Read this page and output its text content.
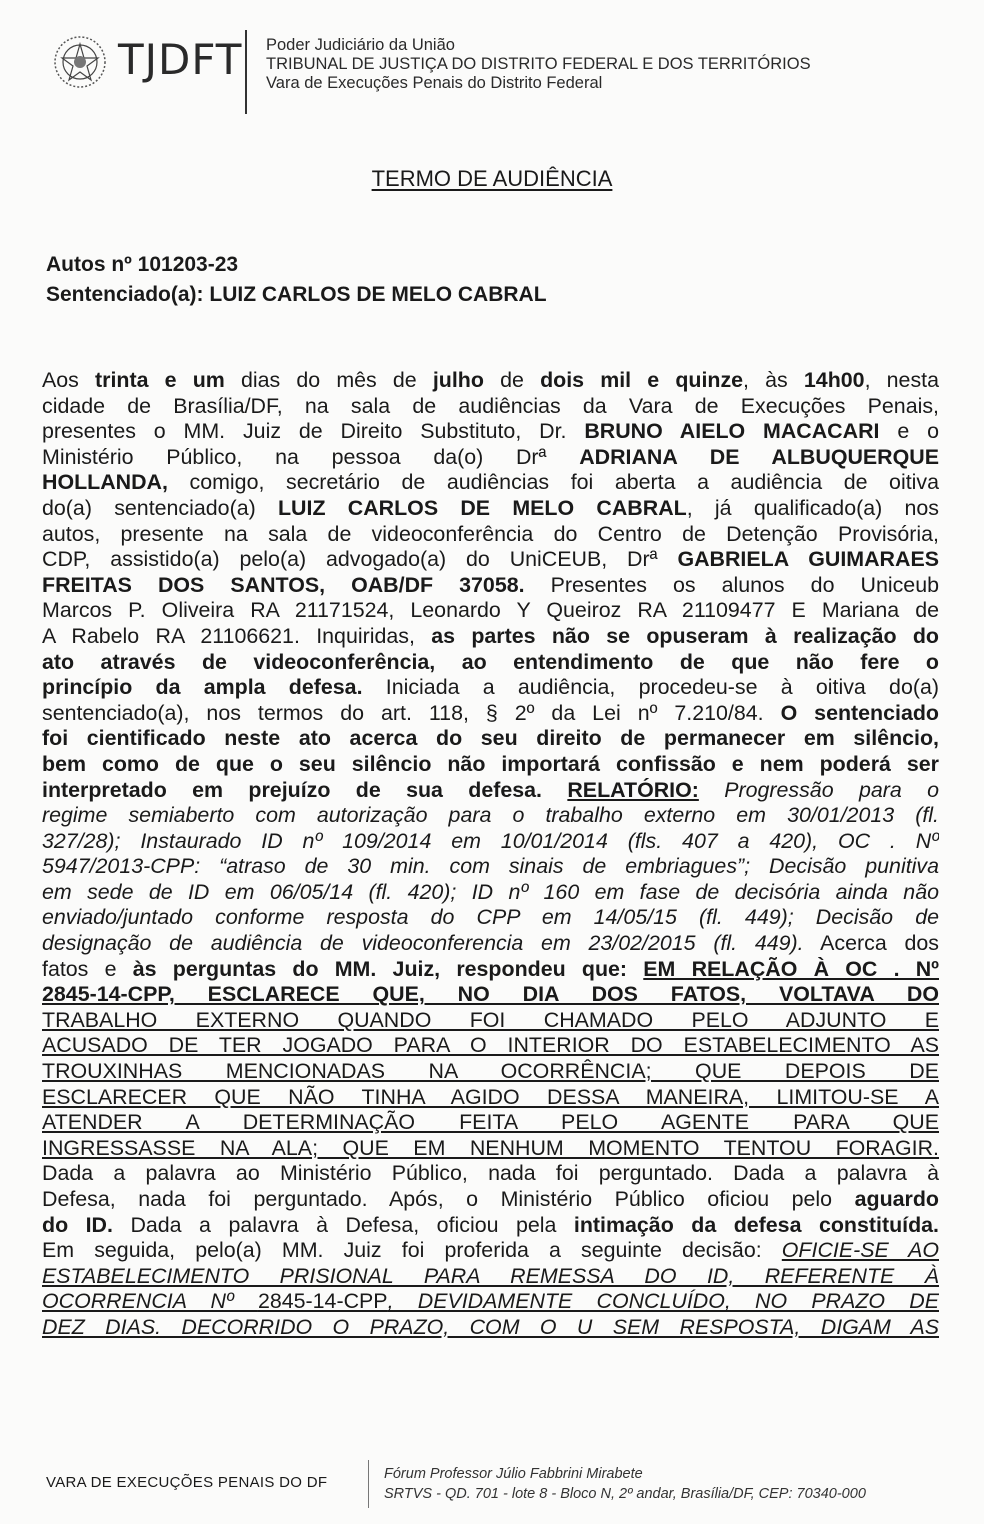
TJDFT Poder Judiciário da União
TRIBUNAL DE JUSTIÇA DO DISTRITO FEDERAL E DOS TERRITÓRIOS
Vara de Execuções Penais do Distrito Federal
TERMO DE AUDIÊNCIA
Autos nº 101203-23
Sentenciado(a): LUIZ CARLOS DE MELO CABRAL
Aos trinta e um dias do mês de julho de dois mil e quinze, às 14h00, nesta
cidade de Brasília/DF, na sala de audiências da Vara de Execuções Penais,
presentes o MM. Juiz de Direito Substituto, Dr. BRUNO AIELO MACACARI e o
Ministério Público, na pessoa da(o) Drª ADRIANA DE ALBUQUERQUE
HOLLANDA, comigo, secretário de audiências foi aberta a audiência de oitiva
do(a) sentenciado(a) LUIZ CARLOS DE MELO CABRAL, já qualificado(a) nos
autos, presente na sala de videoconferência do Centro de Detenção Provisória,
CDP, assistido(a) pelo(a) advogado(a) do UniCEUB, Drª GABRIELA GUIMARAES
FREITAS DOS SANTOS, OAB/DF 37058. Presentes os alunos do Uniceub
Marcos P. Oliveira RA 21171524, Leonardo Y Queiroz RA 21109477 E Mariana de
A Rabelo RA 21106621. Inquiridas, as partes não se opuseram à realização do
ato através de videoconferência, ao entendimento de que não fere o
princípio da ampla defesa. Iniciada a audiência, procedeu-se à oitiva do(a)
sentenciado(a), nos termos do art. 118, § 2º da Lei nº 7.210/84. O sentenciado
foi cientificado neste ato acerca do seu direito de permanecer em silêncio,
bem como de que o seu silêncio não importará confissão e nem poderá ser
interpretado em prejuízo de sua defesa. RELATÓRIO: Progressão para o
regime semiaberto com autorização para o trabalho externo em 30/01/2013 (fl.
327/28); Instaurado ID nº 109/2014 em 10/01/2014 (fls. 407 a 420), OC . Nº
5947/2013-CPP: “atraso de 30 min. com sinais de embriagues”; Decisão punitiva
em sede de ID em 06/05/14 (fl. 420); ID nº 160 em fase de decisória ainda não
enviado/juntado conforme resposta do CPP em 14/05/15 (fl. 449); Decisão de
designação de audiência de videoconferencia em 23/02/2015 (fl. 449). Acerca dos
fatos e às perguntas do MM. Juiz, respondeu que: EM RELAÇÃO À OC . Nº
2845-14-CPP, ESCLARECE QUE, NO DIA DOS FATOS, VOLTAVA DO
TRABALHO EXTERNO QUANDO FOI CHAMADO PELO ADJUNTO E
ACUSADO DE TER JOGADO PARA O INTERIOR DO ESTABELECIMENTO AS
TROUXINHAS MENCIONADAS NA OCORRÊNCIA; QUE DEPOIS DE
ESCLARECER QUE NÃO TINHA AGIDO DESSA MANEIRA, LIMITOU-SE A
ATENDER A DETERMINAÇÃO FEITA PELO AGENTE PARA QUE
INGRESSASSE NA ALA; QUE EM NENHUM MOMENTO TENTOU FORAGIR.
Dada a palavra ao Ministério Público, nada foi perguntado. Dada a palavra à
Defesa, nada foi perguntado. Após, o Ministério Público oficiou pelo aguardo
do ID. Dada a palavra à Defesa, oficiou pela intimação da defesa constituída.
Em seguida, pelo(a) MM. Juiz foi proferida a seguinte decisão: OFICIE-SE AO
ESTABELECIMENTO PRISIONAL PARA REMESSA DO ID, REFERENTE À
OCORRENCIA Nº 2845-14-CPP, DEVIDAMENTE CONCLUÍDO, NO PRAZO DE
DEZ DIAS. DECORRIDO O PRAZO, COM O U SEM RESPOSTA, DIGAM AS
VARA DE EXECUÇÕES PENAIS DO DF	Fórum Professor Júlio Fabbrini Mirabete
SRTVS - QD. 701 - lote 8 - Bloco N, 2º andar, Brasília/DF, CEP: 70340-000
